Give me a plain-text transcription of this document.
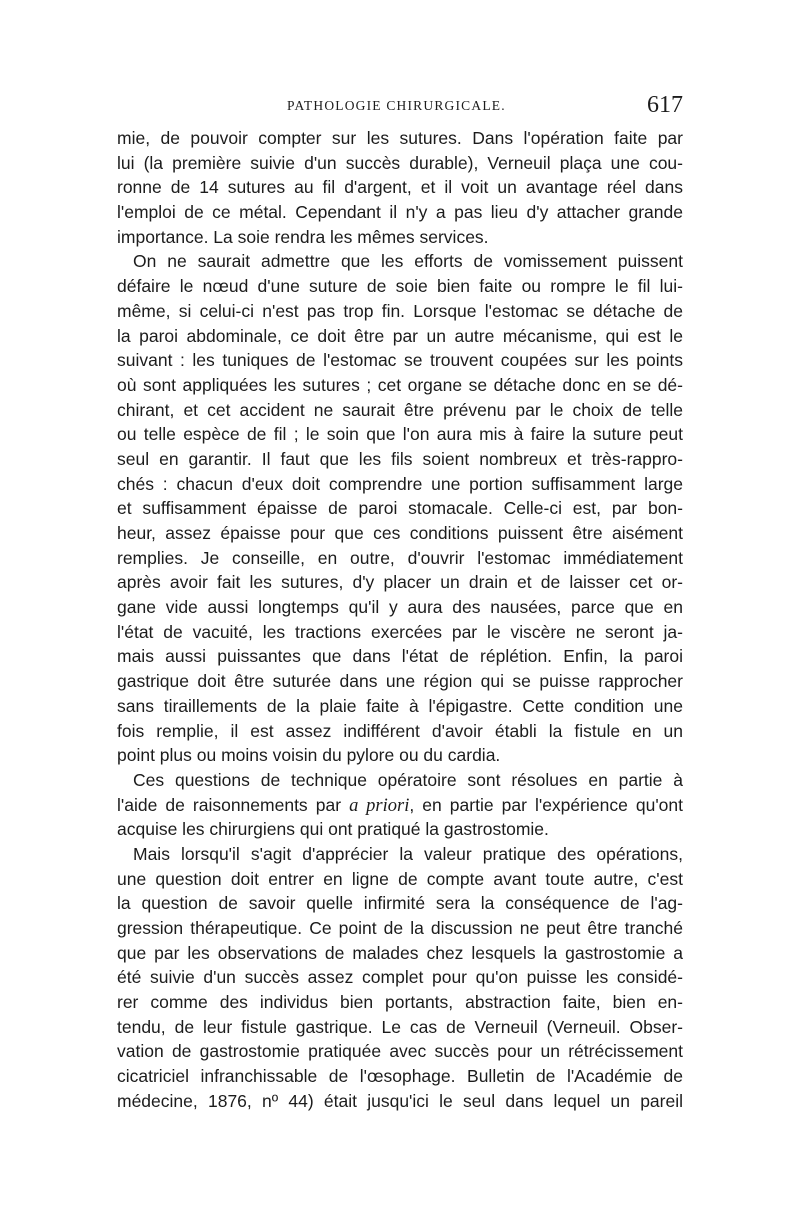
PATHOLOGIE CHIRURGICALE.	617
mie, de pouvoir compter sur les sutures. Dans l'opération faite par
lui (la première suivie d'un succès durable), Verneuil plaça une cou-
ronne de 14 sutures au fil d'argent, et il voit un avantage réel dans
l'emploi de ce métal. Cependant il n'y a pas lieu d'y attacher grande
importance. La soie rendra les mêmes services.
On ne saurait admettre que les efforts de vomissement puissent
défaire le nœud d'une suture de soie bien faite ou rompre le fil lui-
même, si celui-ci n'est pas trop fin. Lorsque l'estomac se détache de
la paroi abdominale, ce doit être par un autre mécanisme, qui est le
suivant : les tuniques de l'estomac se trouvent coupées sur les points
où sont appliquées les sutures ; cet organe se détache donc en se dé-
chirant, et cet accident ne saurait être prévenu par le choix de telle
ou telle espèce de fil ; le soin que l'on aura mis à faire la suture peut
seul en garantir. Il faut que les fils soient nombreux et très-rappro-
chés : chacun d'eux doit comprendre une portion suffisamment large
et suffisamment épaisse de paroi stomacale. Celle-ci est, par bon-
heur, assez épaisse pour que ces conditions puissent être aisément
remplies. Je conseille, en outre, d'ouvrir l'estomac immédiatement
après avoir fait les sutures, d'y placer un drain et de laisser cet or-
gane vide aussi longtemps qu'il y aura des nausées, parce que en
l'état de vacuité, les tractions exercées par le viscère ne seront ja-
mais aussi puissantes que dans l'état de réplétion. Enfin, la paroi
gastrique doit être suturée dans une région qui se puisse rapprocher
sans tiraillements de la plaie faite à l'épigastre. Cette condition une
fois remplie, il est assez indifférent d'avoir établi la fistule en un
point plus ou moins voisin du pylore ou du cardia.
Ces questions de technique opératoire sont résolues en partie à
l'aide de raisonnements par a priori, en partie par l'expérience qu'ont
acquise les chirurgiens qui ont pratiqué la gastrostomie.
Mais lorsqu'il s'agit d'apprécier la valeur pratique des opérations,
une question doit entrer en ligne de compte avant toute autre, c'est
la question de savoir quelle infirmité sera la conséquence de l'ag-
gression thérapeutique. Ce point de la discussion ne peut être tranché
que par les observations de malades chez lesquels la gastrostomie a
été suivie d'un succès assez complet pour qu'on puisse les considé-
rer comme des individus bien portants, abstraction faite, bien en-
tendu, de leur fistule gastrique. Le cas de Verneuil (Verneuil. Obser-
vation de gastrostomie pratiquée avec succès pour un rétrécissement
cicatriciel infranchissable de l'œsophage. Bulletin de l'Académie de
médecine, 1876, nº 44) était jusqu'ici le seul dans lequel un pareil
